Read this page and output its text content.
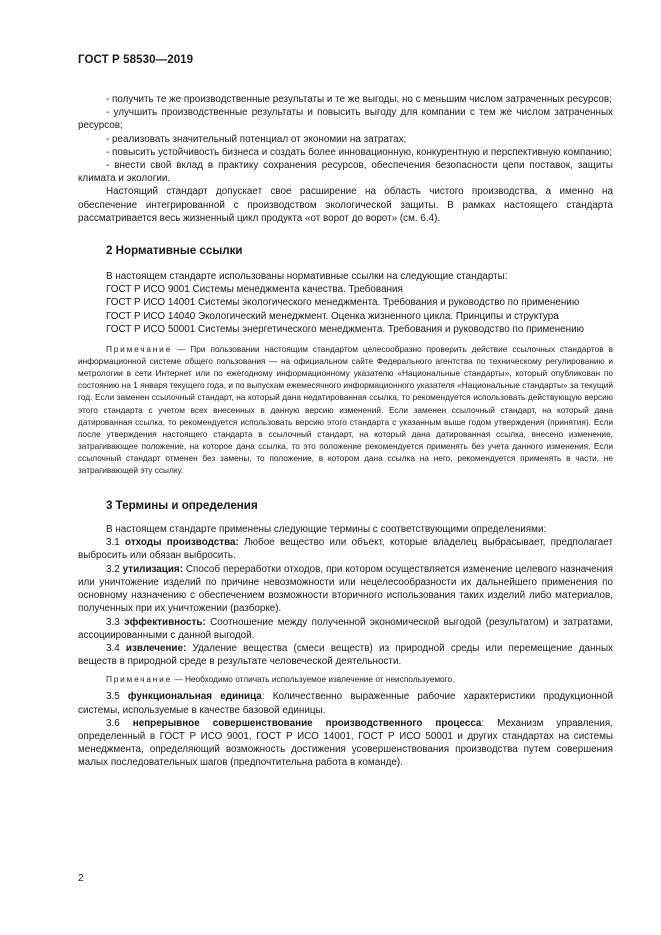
ГОСТ Р 58530—2019

- получить те же производственные результаты и те же выгоды, но с меньшим числом затраченных ресурсов;

- улучшить производственные результаты и повысить выгоду для компании с тем же числом затраченных ресурсов;

- реализовать значительный потенциал от экономии на затратах;

- повысить устойчивость бизнеса и создать более инновационную, конкурентную и перспективную компанию;

- внести свой вклад в практику сохранения ресурсов, обеспечения безопасности цепи поставок, защиты климата и экологии.

Настоящий стандарт допускает свое расширение на область чистого производства, а именно на обеспечение интегрированной с производством экологической защиты. В рамках настоящего стандарта рассматривается весь жизненный цикл продукта «от ворот до ворот» (см. 6.4).

2 Нормативные ссылки

В настоящем стандарте использованы нормативные ссылки на следующие стандарты:

ГОСТ Р ИСО 9001 Системы менеджмента качества. Требования

ГОСТ Р ИСО 14001 Системы экологического менеджмента. Требования и руководство по применению

ГОСТ Р ИСО 14040 Экологический менеджмент. Оценка жизненного цикла. Принципы и структура

ГОСТ Р ИСО 50001 Системы энергетического менеджмента. Требования и руководство по применению

Примечание — При пользовании настоящим стандартом целесообразно проверить действие ссылочных стандартов в информационной системе общего пользования — на официальном сайте Федерального агентства по техническому регулированию и метрологии в сети Интернет или по ежегодному информационному указателю «Национальные стандарты», который опубликован по состоянию на 1 января текущего года, и по выпускам ежемесячного информационного указателя «Национальные стандарты» за текущий год. Если заменен ссылочный стандарт, на который дана недатированная ссылка, то рекомендуется использовать действующую версию этого стандарта с учетом всех внесенных в данную версию изменений. Если заменен ссылочный стандарт, на который дана датированная ссылка, то рекомендуется использовать версию этого стандарта с указанным выше годом утверждения (принятия). Если после утверждения настоящего стандарта в ссылочный стандарт, на который дана датированная ссылка, внесено изменение, затрагивающее положение, на которое дана ссылка, то это положение рекомендуется применять без учета данного изменения. Если ссылочный стандарт отменен без замены, то положение, в котором дана ссылка на него, рекомендуется применять в части, не затрагивающей эту ссылку.

3 Термины и определения

В настоящем стандарте применены следующие термины с соответствующими определениями:

3.1 отходы производства: Любое вещество или объект, которые владелец выбрасывает, предполагает выбросить или обязан выбросить.

3.2 утилизация: Способ переработки отходов, при котором осуществляется изменение целевого назначения или уничтожение изделий по причине невозможности или нецелесообразности их дальнейшего применения по основному назначению с обеспечением возможности вторичного использования таких изделий либо материалов, полученных при их уничтожении (разборке).

3.3 эффективность: Соотношение между полученной экономической выгодой (результатом) и затратами, ассоциированными с данной выгодой.

3.4 извлечение: Удаление вещества (смеси веществ) из природной среды или перемещение данных веществ в природной среде в результате человеческой деятельности.

Примечание — Необходимо отличать используемое извлечение от неиспользуемого.

3.5 функциональная единица: Количественно выраженные рабочие характеристики продукционной системы, используемые в качестве базовой единицы.

3.6 непрерывное совершенствование производственного процесса: Механизм управления, определенный в ГОСТ Р ИСО 9001, ГОСТ Р ИСО 14001, ГОСТ Р ИСО 50001 и других стандартах на системы менеджмента, определяющий возможность достижения усовершенствования производства путем совершения малых последовательных шагов (предпочтительна работа в команде).

2
